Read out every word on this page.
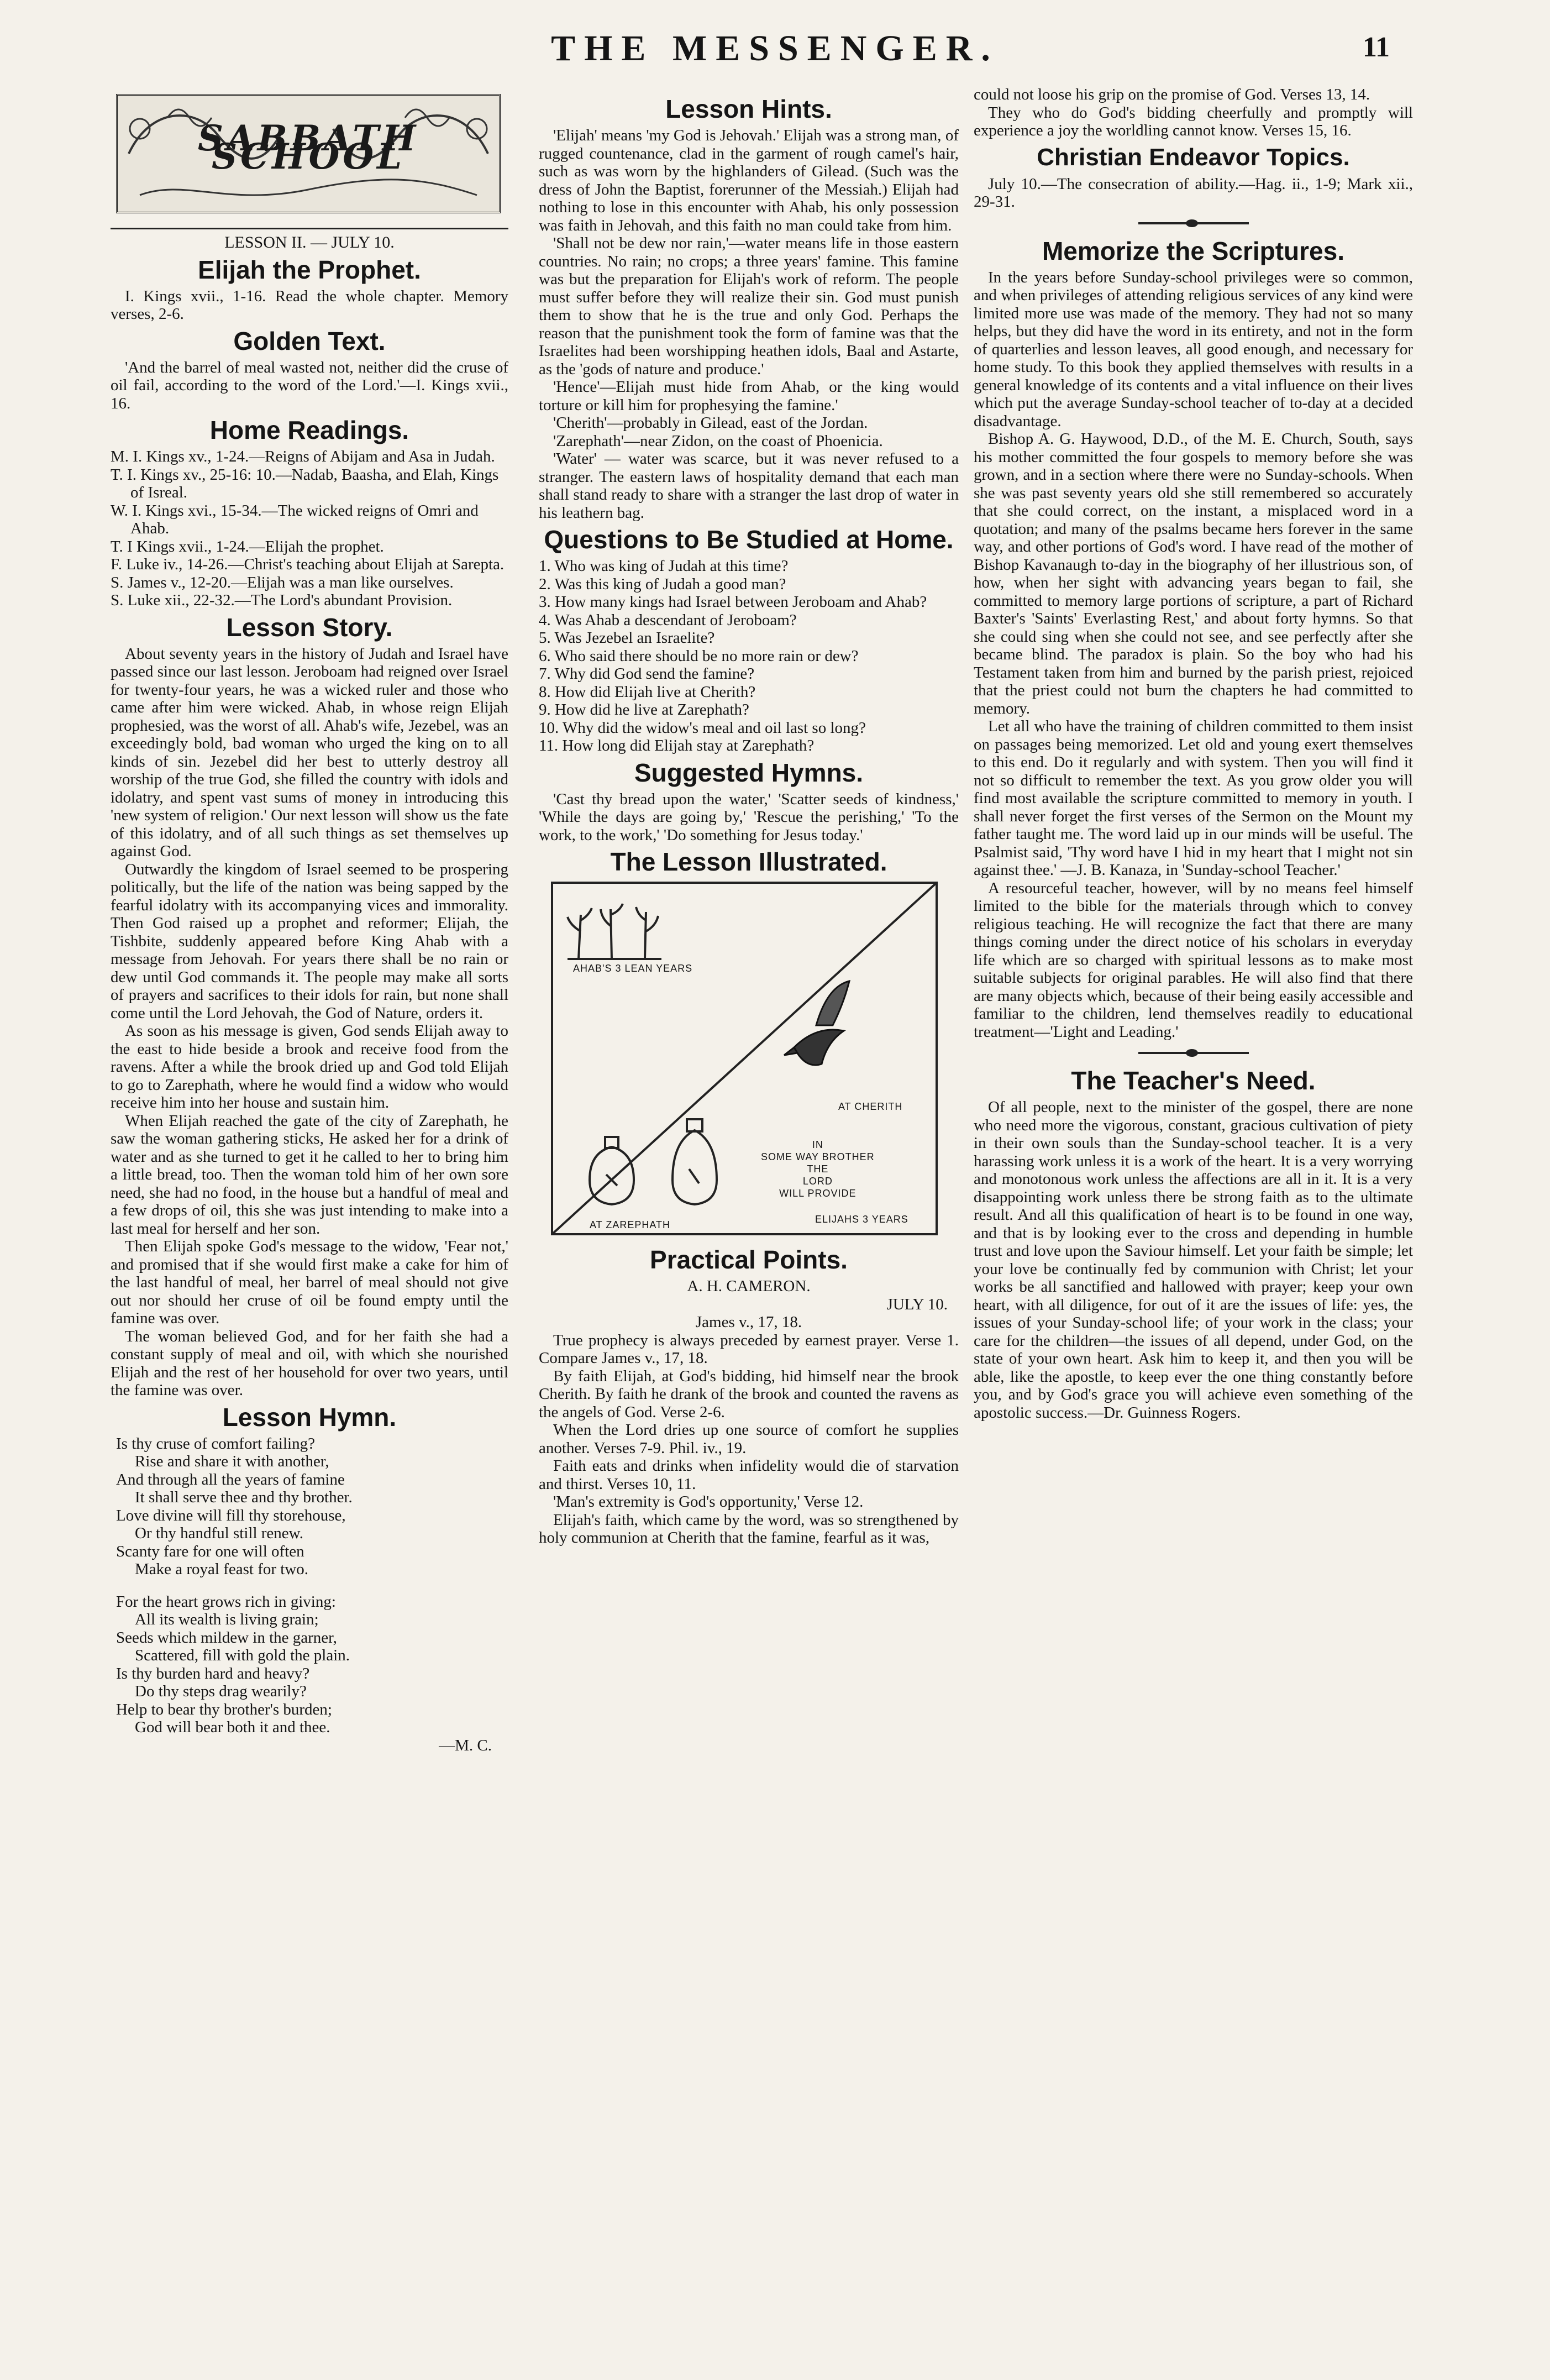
THE MESSENGER.	11
SABBATH SCHOOL
LESSON II. — JULY 10.
Elijah the Prophet.

I. Kings xvii., 1-16. Read the whole chapter. Memory verses, 2-6.

Golden Text.

'And the barrel of meal wasted not, neither did the cruse of oil fail, according to the word of the Lord.'—I. Kings xvii., 16.

Home Readings.
M. I. Kings xv., 1-24.—Reigns of Abijam and Asa in Judah.
T. I. Kings xv., 25-16: 10.—Nadab, Baasha, and Elah, Kings of Isreal.
W. I. Kings xvi., 15-34.—The wicked reigns of Omri and Ahab.
T. I Kings xvii., 1-24.—Elijah the prophet.
F. Luke iv., 14-26.—Christ's teaching about Elijah at Sarepta.
S. James v., 12-20.—Elijah was a man like ourselves.
S. Luke xii., 22-32.—The Lord's abundant Provision.
Lesson Story.

About seventy years in the history of Judah and Israel have passed since our last lesson. Jeroboam had reigned over Israel for twenty-four years, he was a wicked ruler and those who came after him were wicked. Ahab, in whose reign Elijah prophesied, was the worst of all. Ahab's wife, Jezebel, was an exceedingly bold, bad woman who urged the king on to all kinds of sin. Jezebel did her best to utterly destroy all worship of the true God, she filled the country with idols and idolatry, and spent vast sums of money in introducing this 'new system of religion.' Our next lesson will show us the fate of this idolatry, and of all such things as set themselves up against God.

Outwardly the kingdom of Israel seemed to be prospering politically, but the life of the nation was being sapped by the fearful idolatry with its accompanying vices and immorality. Then God raised up a prophet and reformer; Elijah, the Tishbite, suddenly appeared before King Ahab with a message from Jehovah. For years there shall be no rain or dew until God commands it. The people may make all sorts of prayers and sacrifices to their idols for rain, but none shall come until the Lord Jehovah, the God of Nature, orders it.

As soon as his message is given, God sends Elijah away to the east to hide beside a brook and receive food from the ravens. After a while the brook dried up and God told Elijah to go to Zarephath, where he would find a widow who would receive him into her house and sustain him.

When Elijah reached the gate of the city of Zarephath, he saw the woman gathering sticks, He asked her for a drink of water and as she turned to get it he called to her to bring him a little bread, too. Then the woman told him of her own sore need, she had no food, in the house but a handful of meal and a few drops of oil, this she was just intending to make into a last meal for herself and her son.

Then Elijah spoke God's message to the widow, 'Fear not,' and promised that if she would first make a cake for him of the last handful of meal, her barrel of meal should not give out nor should her cruse of oil be found empty until the famine was over.

The woman believed God, and for her faith she had a constant supply of meal and oil, with which she nourished Elijah and the rest of her household for over two years, until the famine was over.

Lesson Hymn.
Is thy cruse of comfort failing?
Rise and share it with another,
And through all the years of famine
It shall serve thee and thy brother.
Love divine will fill thy storehouse,
Or thy handful still renew.
Scanty fare for one will often
Make a royal feast for two.
For the heart grows rich in giving:
All its wealth is living grain;
Seeds which mildew in the garner,
Scattered, fill with gold the plain.
Is thy burden hard and heavy?
Do thy steps drag wearily?
Help to bear thy brother's burden;
God will bear both it and thee.
—M. C.
Lesson Hints.

'Elijah' means 'my God is Jehovah.' Elijah was a strong man, of rugged countenance, clad in the garment of rough camel's hair, such as was worn by the highlanders of Gilead. (Such was the dress of John the Baptist, forerunner of the Messiah.) Elijah had nothing to lose in this encounter with Ahab, his only possession was faith in Jehovah, and this faith no man could take from him.

'Shall not be dew nor rain,'—water means life in those eastern countries. No rain; no crops; a three years' famine. This famine was but the preparation for Elijah's work of reform. The people must suffer before they will realize their sin. God must punish them to show that he is the true and only God. Perhaps the reason that the punishment took the form of famine was that the Israelites had been worshipping heathen idols, Baal and Astarte, as the 'gods of nature and produce.'

'Hence'—Elijah must hide from Ahab, or the king would torture or kill him for prophesying the famine.'

'Cherith'—probably in Gilead, east of the Jordan.

'Zarephath'—near Zidon, on the coast of Phoenicia.

'Water' — water was scarce, but it was never refused to a stranger. The eastern laws of hospitality demand that each man shall stand ready to share with a stranger the last drop of water in his leathern bag.

Questions to Be Studied at Home.
1. Who was king of Judah at this time?
2. Was this king of Judah a good man?
3. How many kings had Israel between Jeroboam and Ahab?
4. Was Ahab a descendant of Jeroboam?
5. Was Jezebel an Israelite?
6. Who said there should be no more rain or dew?
7. Why did God send the famine?
8. How did Elijah live at Cherith?
9. How did he live at Zarephath?
10. Why did the widow's meal and oil last so long?
11. How long did Elijah stay at Zarephath?
Suggested Hymns.

'Cast thy bread upon the water,' 'Scatter seeds of kindness,' 'While the days are going by,' 'Rescue the perishing,' 'To the work, to the work,' 'Do something for Jesus today.'

The Lesson Illustrated.
AHAB'S 3 LEAN YEARS
AT CHERITH
IN
SOME WAY BROTHER
THE
LORD
WILL PROVIDE
AT ZAREPHATH	ELIJAHS 3 YEARS
Practical Points.
A. H. CAMERON.
JULY 10.
James v., 17, 18.

True prophecy is always preceded by earnest prayer. Verse 1. Compare James v., 17, 18.

By faith Elijah, at God's bidding, hid himself near the brook Cherith. By faith he drank of the brook and counted the ravens as the angels of God. Verse 2-6.

When the Lord dries up one source of comfort he supplies another. Verses 7-9. Phil. iv., 19.

Faith eats and drinks when infidelity would die of starvation and thirst. Verses 10, 11.

'Man's extremity is God's opportunity,' Verse 12.

Elijah's faith, which came by the word, was so strengthened by holy communion at Cherith that the famine, fearful as it was,

could not loose his grip on the promise of God. Verses 13, 14.

They who do God's bidding cheerfully and promptly will experience a joy the worldling cannot know. Verses 15, 16.

Christian Endeavor Topics.

July 10.—The consecration of ability.—Hag. ii., 1-9; Mark xii., 29-31.

Memorize the Scriptures.

In the years before Sunday-school privileges were so common, and when privileges of attending religious services of any kind were limited more use was made of the memory. They had not so many helps, but they did have the word in its entirety, and not in the form of quarterlies and lesson leaves, all good enough, and necessary for home study. To this book they applied themselves with results in a general knowledge of its contents and a vital influence on their lives which put the average Sunday-school teacher of to-day at a decided disadvantage.

Bishop A. G. Haywood, D.D., of the M. E. Church, South, says his mother committed the four gospels to memory before she was grown, and in a section where there were no Sunday-schools. When she was past seventy years old she still remembered so accurately that she could correct, on the instant, a misplaced word in a quotation; and many of the psalms became hers forever in the same way, and other portions of God's word. I have read of the mother of Bishop Kavanaugh to-day in the biography of her illustrious son, of how, when her sight with advancing years began to fail, she committed to memory large portions of scripture, a part of Richard Baxter's 'Saints' Everlasting Rest,' and about forty hymns. So that she could sing when she could not see, and see perfectly after she became blind. The paradox is plain. So the boy who had his Testament taken from him and burned by the parish priest, rejoiced that the priest could not burn the chapters he had committed to memory.

Let all who have the training of children committed to them insist on passages being memorized. Let old and young exert themselves to this end. Do it regularly and with system. Then you will find it not so difficult to remember the text. As you grow older you will find most available the scripture committed to memory in youth. I shall never forget the first verses of the Sermon on the Mount my father taught me. The word laid up in our minds will be useful. The Psalmist said, 'Thy word have I hid in my heart that I might not sin against thee.' —J. B. Kanaza, in 'Sunday-school Teacher.'

A resourceful teacher, however, will by no means feel himself limited to the bible for the materials through which to convey religious teaching. He will recognize the fact that there are many things coming under the direct notice of his scholars in everyday life which are so charged with spiritual lessons as to make most suitable subjects for original parables. He will also find that there are many objects which, because of their being easily accessible and familiar to the children, lend themselves readily to educational treatment—'Light and Leading.'

The Teacher's Need.

Of all people, next to the minister of the gospel, there are none who need more the vigorous, constant, gracious cultivation of piety in their own souls than the Sunday-school teacher. It is a very harassing work unless it is a work of the heart. It is a very worrying and monotonous work unless the affections are all in it. It is a very disappointing work unless there be strong faith as to the ultimate result. And all this qualification of heart is to be found in one way, and that is by looking ever to the cross and depending in humble trust and love upon the Saviour himself. Let your faith be simple; let your love be continually fed by communion with Christ; let your works be all sanctified and hallowed with prayer; keep your own heart, with all diligence, for out of it are the issues of life: yes, the issues of your Sunday-school life; of your work in the class; your care for the children—the issues of all depend, under God, on the state of your own heart. Ask him to keep it, and then you will be able, like the apostle, to keep ever the one thing constantly before you, and by God's grace you will achieve even something of the apostolic success.—Dr. Guinness Rogers.
